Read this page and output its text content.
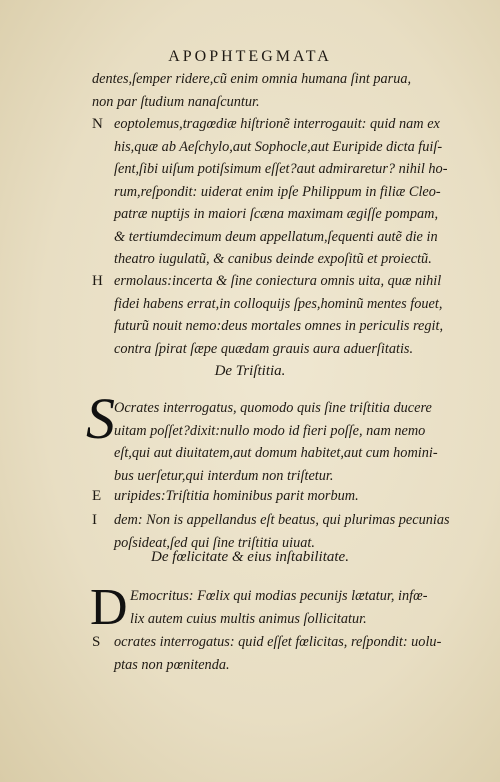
APOPHTEGMATA
dentes,ſemper ridere,cũ enim omnia humana ſint parua,
non par ſtudium nanaſcuntur.
N eoptolemus,tragœdiæ hiſtrionẽ interrogauit: quid nam ex
his,quæ ab Aeſchylo,aut Sophocle,aut Euripide dicta fuiſ-
ſent,ſibi uiſum potiſsimum eſſet?aut admiraretur? nihil ho-
rum,reſpondit: uiderat enim ipſe Philippum in filiæ Cleo-
patræ nuptijs in maiori ſcæna maximam ægiſſe pompam,
& tertiumdecimum deum appellatum,ſequenti autẽ die in
theatro iugulatũ, & canibus deinde expoſitũ et proiectũ.
H ermolaus:incerta & ſine coniectura omnis uita, quæ nihil
fidei habens errat,in colloquijs ſpes,hominũ mentes fouet,
futurũ nouit nemo:deus mortales omnes in periculis regit,
contra ſpirat ſæpe quædam grauis aura aduerſitatis.
De Triſtitia.
S Ocrates interrogatus, quomodo quis ſine triſtitia ducere
uitam poſſet?dixit:nullo modo id fieri poſſe, nam nemo
eſt,qui aut diuitatem,aut domum habitet,aut cum homini-
bus uerſetur,qui interdum non triſtetur.
E uripides:Triſtitia hominibus parit morbum.
I dem: Non is appellandus eſt beatus, qui plurimas pecunias
poſsideat,ſed qui ſine triſtitia uiuat.
De fœlicitate & eius inſtabilitate.
D Emocritus: Fœlix qui modias pecunijs lætatur, infœ-
lix autem cuius multis animus ſollicitatur.
S ocrates interrogatus: quid eſſet fœlicitas, reſpondit: uolu-
ptas non pœnitenda.
